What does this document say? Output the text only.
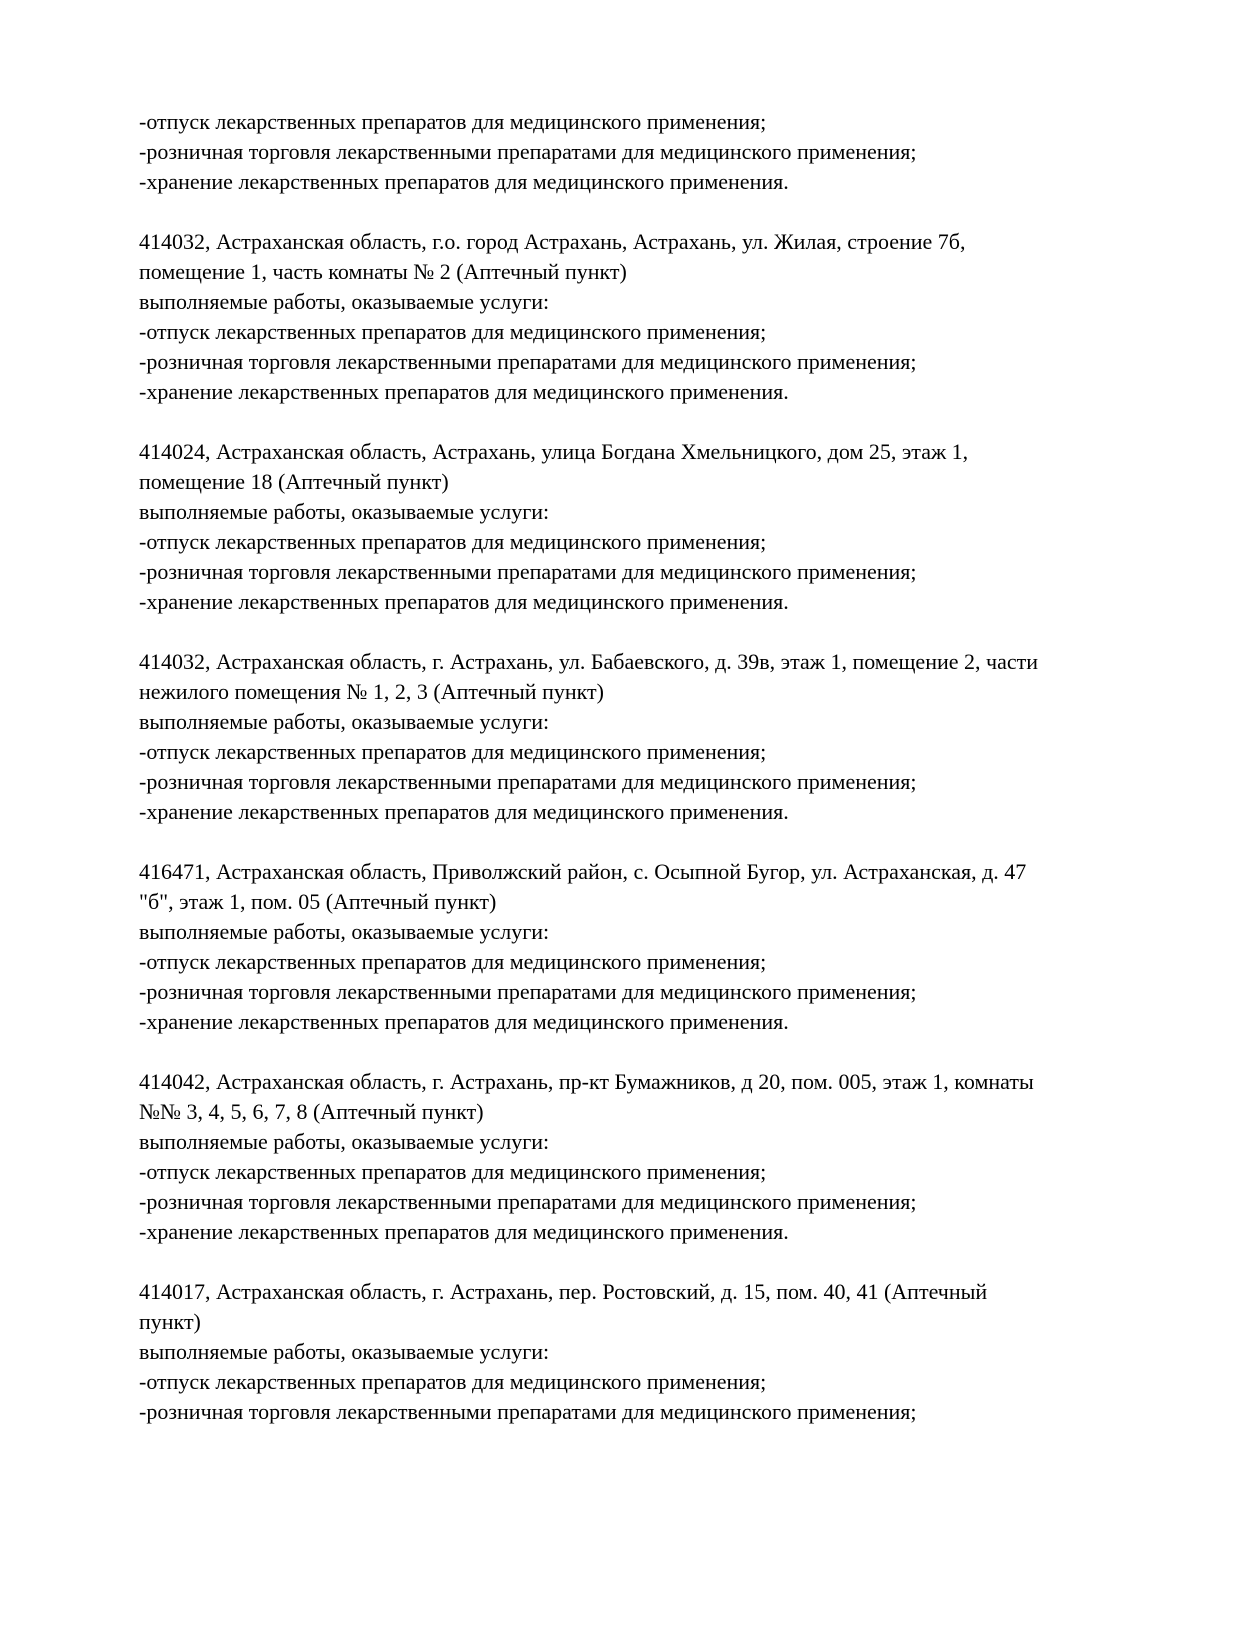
-отпуск лекарственных препаратов для медицинского применения;
-розничная торговля лекарственными препаратами для медицинского применения;
-хранение лекарственных препаратов для медицинского применения.
414032, Астраханская область, г.о. город Астрахань, Астрахань, ул. Жилая, строение 7б,
помещение 1, часть комнаты № 2 (Аптечный пункт)
выполняемые работы, оказываемые услуги:
-отпуск лекарственных препаратов для медицинского применения;
-розничная торговля лекарственными препаратами для медицинского применения;
-хранение лекарственных препаратов для медицинского применения.
414024, Астраханская область, Астрахань, улица Богдана Хмельницкого, дом 25, этаж 1,
помещение 18 (Аптечный пункт)
выполняемые работы, оказываемые услуги:
-отпуск лекарственных препаратов для медицинского применения;
-розничная торговля лекарственными препаратами для медицинского применения;
-хранение лекарственных препаратов для медицинского применения.
414032, Астраханская область, г. Астрахань, ул. Бабаевского, д. 39в, этаж 1, помещение 2, части
нежилого помещения № 1, 2, 3 (Аптечный пункт)
выполняемые работы, оказываемые услуги:
-отпуск лекарственных препаратов для медицинского применения;
-розничная торговля лекарственными препаратами для медицинского применения;
-хранение лекарственных препаратов для медицинского применения.
416471, Астраханская область, Приволжский район, с. Осыпной Бугор, ул. Астраханская, д. 47
"б", этаж 1, пом. 05 (Аптечный пункт)
выполняемые работы, оказываемые услуги:
-отпуск лекарственных препаратов для медицинского применения;
-розничная торговля лекарственными препаратами для медицинского применения;
-хранение лекарственных препаратов для медицинского применения.
414042, Астраханская область, г. Астрахань, пр-кт Бумажников, д 20, пом. 005, этаж 1, комнаты
№№ 3, 4, 5, 6, 7, 8 (Аптечный пункт)
выполняемые работы, оказываемые услуги:
-отпуск лекарственных препаратов для медицинского применения;
-розничная торговля лекарственными препаратами для медицинского применения;
-хранение лекарственных препаратов для медицинского применения.
414017, Астраханская область, г. Астрахань, пер. Ростовский, д. 15, пом. 40, 41 (Аптечный
пункт)
выполняемые работы, оказываемые услуги:
-отпуск лекарственных препаратов для медицинского применения;
-розничная торговля лекарственными препаратами для медицинского применения;
